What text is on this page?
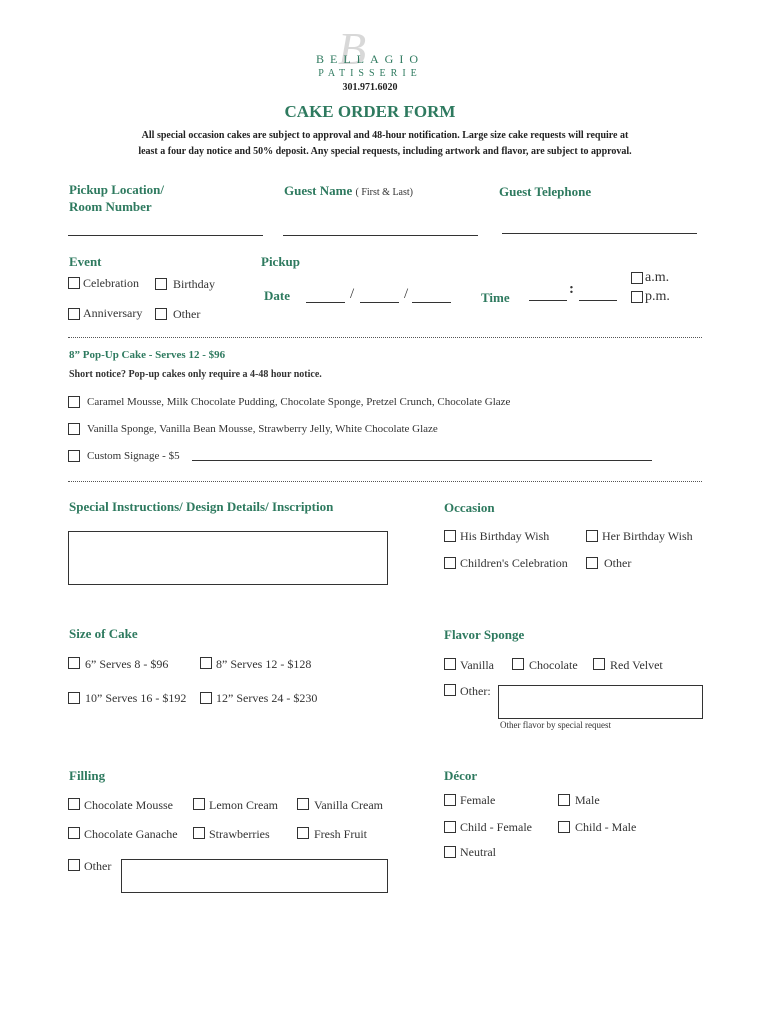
B
BELLAGIO
PATISSERIE
301.971.6020
CAKE ORDER FORM
All special occasion cakes are subject to approval and 48-hour notification. Large size cake requests will require at
least a four day notice and 50% deposit. Any special requests, including artwork and flavor, are subject to approval.
Pickup Location/
Room Number
Guest Name ( First & Last)	Guest Telephone
Event
Celebration	Birthday
Anniversary	Other
Pickup
Date	/	/	Time
:
a.m.
p.m.
8” Pop-Up Cake - Serves 12 - $96
Short notice? Pop-up cakes only require a 4-48 hour notice.
Caramel Mousse, Milk Chocolate Pudding, Chocolate Sponge, Pretzel Crunch, Chocolate Glaze
Vanilla Sponge, Vanilla Bean Mousse, Strawberry Jelly, White Chocolate Glaze
Custom Signage - $5
Special Instructions/ Design Details/ Inscription	Occasion
His Birthday Wish	Her Birthday Wish
Children's Celebration	Other
Size of Cake
6” Serves 8 - $96	8” Serves 12 - $128
10” Serves 16 - $192 12” Serves 24 - $230
Flavor Sponge
Vanilla	Chocolate	Red Velvet
Other:
Other flavor by special request
Filling
Chocolate Mousse	Lemon Cream	Vanilla Cream
Chocolate Ganache	Strawberries	Fresh Fruit
Other
Décor
Female	Male
Child - Female	Child - Male
Neutral
